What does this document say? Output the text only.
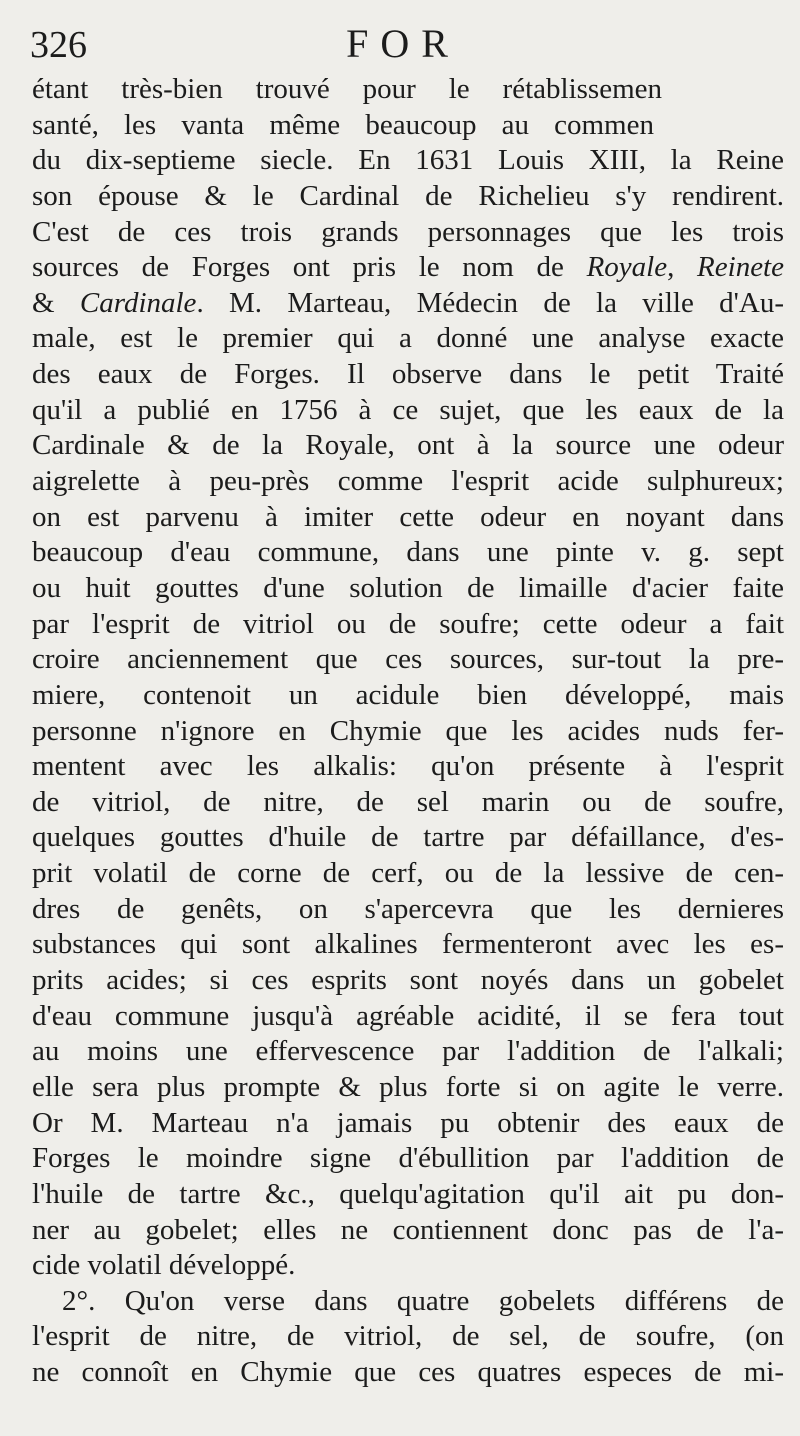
326	FOR
étant très-bien trouvé pour le rétablissemen
santé, les vanta même beaucoup au commen
du dix-septieme siecle. En 1631 Louis XIII, la Reine
son épouse & le Cardinal de Richelieu s'y rendirent.
C'est de ces trois grands personnages que les trois
sources de Forges ont pris le nom de Royale, Reinete
& Cardinale. M. Marteau, Médecin de la ville d'Au-
male, est le premier qui a donné une analyse exacte
des eaux de Forges. Il observe dans le petit Traité
qu'il a publié en 1756 à ce sujet, que les eaux de la
Cardinale & de la Royale, ont à la source une odeur
aigrelette à peu-près comme l'esprit acide sulphureux;
on est parvenu à imiter cette odeur en noyant dans
beaucoup d'eau commune, dans une pinte v. g. sept
ou huit gouttes d'une solution de limaille d'acier faite
par l'esprit de vitriol ou de soufre; cette odeur a fait
croire anciennement que ces sources, sur-tout la pre-
miere, contenoit un acidule bien développé, mais
personne n'ignore en Chymie que les acides nuds fer-
mentent avec les alkalis: qu'on présente à l'esprit
de vitriol, de nitre, de sel marin ou de soufre,
quelques gouttes d'huile de tartre par défaillance, d'es-
prit volatil de corne de cerf, ou de la lessive de cen-
dres de genêts, on s'apercevra que les dernieres
substances qui sont alkalines fermenteront avec les es-
prits acides; si ces esprits sont noyés dans un gobelet
d'eau commune jusqu'à agréable acidité, il se fera tout
au moins une effervescence par l'addition de l'alkali;
elle sera plus prompte & plus forte si on agite le verre.
Or M. Marteau n'a jamais pu obtenir des eaux de
Forges le moindre signe d'ébullition par l'addition de
l'huile de tartre &c., quelqu'agitation qu'il ait pu don-
ner au gobelet; elles ne contiennent donc pas de l'a-
cide volatil développé.
2°. Qu'on verse dans quatre gobelets différens de
l'esprit de nitre, de vitriol, de sel, de soufre, (on
ne connoît en Chymie que ces quatres especes de mi-
